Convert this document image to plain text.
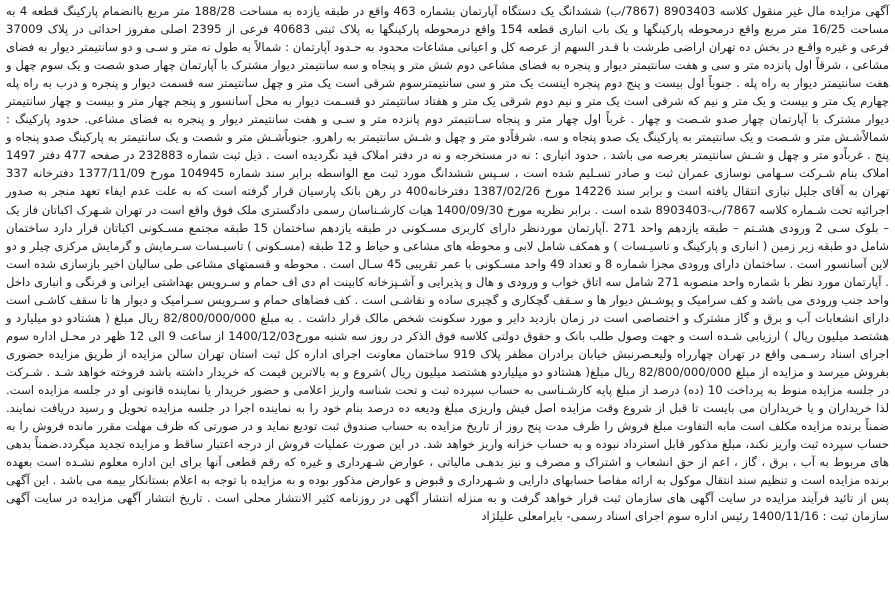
آگهی مزایده مال غیر منقول کلاسه 8903403 (7867/ب) ششدانگ یک دستگاه آپارتمان بشماره 463 واقع در طبقه یازده به مساحت 188/28 متر مربع باانضمام پارکینگ قطعه 4 به مساحت 16/25 متر مربع واقع درمحوطه پارکینگها و یک باب انباری قطعه 154 واقع درمحوطه پارکینگها به پلاک ثبتی 40683 فرعی از 2395 اصلی مفروز احداثی در پلاک 37009 فرعی و غیره واقـع در بخش ده تهران اراضی طرشت با قـدر السهم از عرصه کل و اعیانی مشاعات محدود به حـدود آپارتمان : شمالاً به طول نه متر و سـی و دو سانتیمتر دیوار به فضای مشاعی ، شرقاً اول پانزده متر و سی و هفت سانتیمتر دیوار و پنجره به فضای مشاعی دوم شش متر و پنجاه و سه سانتیمتر دیوار مشترک با آپارتمان چهار صدو شصت و یک سوم چهل و هفت سانتیمتر دیوار به راه پله . جنوباً اول بیست و پنج دوم پنجره اینست یک متر و سی سانتیمترسوم شرقی است یک متر و چهل سانتیمتر سه قسمت دیوار و پنجره و درب به راه پله چهارم یک متر و بیست و یک متر و نیم که شرقی است یک متر و نیم دوم شرقی یک متر و هفتاد سانتیمتر دو قسـمت دیوار به محل آسانسور و پنجم چهار متر و بیست و چهار سانتیمتر دیوار مشترک با آپارتمان چهار صدو شـصت و چهار . غرباً اول چهار متر و پنجاه سـانتیمتر دوم پانزده متر و سـی و هفت سانتیمتر دیوار و پنجره به فضای مشاعی. حدود پارکینگ : شمالاًشـش متر و شـصت و یک سانتیمتر به پارکینگ یک صدو پنجاه و سه. شرقاًدو متر و چهل و شـش سانتیمتر به راهرو. جنوباًشـش متر و شصت و یک سانتیمتر به پارکینگ صدو پنجاه و پنج . غرباًدو متر و چهل و شـش سانتیمتر بعرصه می باشد . حدود انباری : نه در مستخرجه و نه در دفتر املاک قید نگردیده است . ذیل ثبت شماره 232883 در صفحه 477 دفتر 1497 املاک بنام شـرکت سـهامی نوسازی عمران ثبت و صادر تسـلیم شده است ، سـپس ششدانگ مورد ثبت مع الواسطه برابر سند شماره 104945 مورخ 1377/11/09 دفترخانه 337 تهران به آقای جلیل نیازی انتقال یافته است و برابر سند 14226 مورخ 1387/02/26 دفترخانه400 در رهن بانک پارسیان قرار گرفته است که به علت عدم ایفاء تعهد منجر به صدور اجرائیه تحت شـماره کلاسه 7867/ب-8903403 شده است . برابر نظریه مورخ 1400/09/30 هیات کارشـناسان رسمی دادگستری ملک فوق واقع است در تهران شـهرک اکباتان فاز یک – بلوک سـی 2 ورودی هشـتم – طبقه یازدهم واحد 271 .آپارتمان موردنظر دارای کاربری مسـکونی در طبقه یازدهم ساختمان 15 طبقه مجتمع مسـکونی اکباتان قرار دارد ساختمان شامل دو طبقه زیر زمین ( انباری و پارکینگ و تاسیـسات ) و همکف شامل لابی و محوطه های مشاعی و حیاط و 12 طبقه (مسـکونی ) تاسیـسات سـرمایش و گرمایش مرکزی چیلر و دو لاین آسانسور است . ساختمان دارای ورودی مجزا شماره 8 و تعداد 49 واحد مسـکونی با عمر تقریبی 45 سـال است . محوطه و قسمتهای مشاعی طی سالیان اخیر بازسازی شده است . آپارتمان مورد نظر با شماره واحد منصوبه 271 شامل سه اتاق خواب و ورودی و هال و پذیرایی و آشـپزخانه کابینت ام دی اف حمام و سـرویس بهداشتی ایرانی و فرنگی و انباری داخل واحد جنب ورودی می باشد و کف سرامیک و پوشـش دیوار ها و سـقف گچکاری و گچبری ساده و نقاشـی است . کف فضاهای حمام و سـرویس سـرامیک و دیوار ها تا سقف کاشـی است دارای انشعابات آب و برق و گاز مشترک و اختصاصی است در زمان بازدید دایر و مورد سکونت شخص مالک قرار داشت . به مبلغ 82/800/000/000 ریال مبلغ ( هشتادو دو میلیارد و هشتصد میلیون ریال ) ارزیابی شـده است و جهت وصول طلب بانک و حقوق دولتی کلاسه فوق الذکر در روز سه شنبه مورخ1400/12/03 از ساعت 9 الی 12 ظهر در محـل اداره سوم اجرای اسناد رسـمی واقع در تهران چهارراه ولیعـصرنبش خیابان برادران مظفر پلاک 919 ساختمان معاونت اجرای اداره کل ثبت استان تهران سالن مزایده از طریق مزایده حضوری بفروش میرسد و مزایده از مبلغ 82/800/000/000 ریال مبلغ( هشتادو دو میلیاردو هشتصد میلیون ریال )شروع و به بالاترین قیمت که خریدار داشته باشد فروخته خواهد شـد . شـرکت در جلسه مزایده منوط به پرداخت 10 (ده) درصد از مبلغ پایه کارشـناسی به حساب سپرده ثبت و تحت شناسه واریز اعلامی و حضور خریدار یا نماینده قانونی او در جلسه مزایده است. لذا خریداران و یا خریداران می بایست تا قبل از شروع وقت مزایده اصل فیش واریزی مبلغ ودیعه ده درصد بنام خود را به نماینده اجرا در جلسه مزایده تحویل و رسید دریافت نمایند. ضمناً برنده مزایده مکلف است مابه التفاوت مبلغ فروش را ظرف مدت پنج روز از تاریخ مزایده به حساب صندوق ثبت تودیع نماید و در صورتی که ظرف مهلت مقرر مانده فروش را به حساب سپرده ثبت واریز نکند، مبلغ مذکور قابل استرداد نبوده و به حساب خزانه واریز خواهد شد. در این صورت عملیات فروش از درجه اعتبار ساقط و مزایده تجدید میگردد.ضمناً بدهی های مربوط به آب ، برق ، گاز ، اعم از حق انشعاب و اشتراک و مصرف و نیز بدهـی مالیاتی ، عوارض شـهرداری و غیره که رقم قطعی آنها برای این اداره معلوم نشـده است بعهده برنده مزایده است و تنظیم سند انتقال موکول به ارائه مفاصا حسابهای دارایی و شـهرداری و قبوض و عوارض مذکور بوده و به مزایده با توجه به اعلام بستانکار بیمه می باشد . این آگهی پس از تائید فرآیند مزایده در سایت آگهی های سازمان ثبت قرار خواهد گرفت و به منزله انتشار آگهی در روزنامه کثیر الانتشار محلی است . تاریخ انتشار آگهی مزایده در سایت آگهی سازمان ثبت : 1400/11/16 رئیس اداره سوم اجرای اسناد رسمی- بایرامعلی علیلژاد
